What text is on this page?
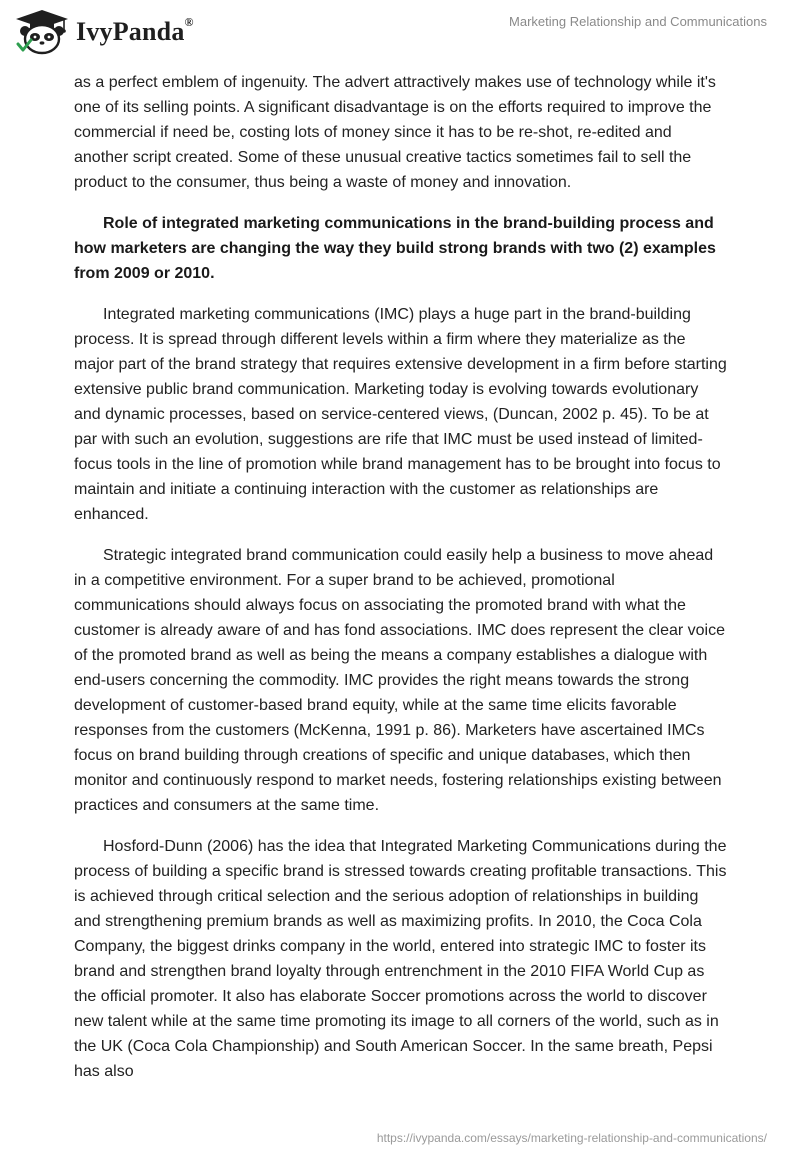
IvyPanda®	Marketing Relationship and Communications

as a perfect emblem of ingenuity. The advert attractively makes use of technology while it's one of its selling points. A significant disadvantage is on the efforts required to improve the commercial if need be, costing lots of money since it has to be re-shot, re-edited and another script created. Some of these unusual creative tactics sometimes fail to sell the product to the consumer, thus being a waste of money and innovation.

Role of integrated marketing communications in the brand-building process and how marketers are changing the way they build strong brands with two (2) examples from 2009 or 2010.

Integrated marketing communications (IMC) plays a huge part in the brand-building process. It is spread through different levels within a firm where they materialize as the major part of the brand strategy that requires extensive development in a firm before starting extensive public brand communication. Marketing today is evolving towards evolutionary and dynamic processes, based on service-centered views, (Duncan, 2002 p. 45). To be at par with such an evolution, suggestions are rife that IMC must be used instead of limited-focus tools in the line of promotion while brand management has to be brought into focus to maintain and initiate a continuing interaction with the customer as relationships are enhanced.

Strategic integrated brand communication could easily help a business to move ahead in a competitive environment. For a super brand to be achieved, promotional communications should always focus on associating the promoted brand with what the customer is already aware of and has fond associations. IMC does represent the clear voice of the promoted brand as well as being the means a company establishes a dialogue with end-users concerning the commodity. IMC provides the right means towards the strong development of customer-based brand equity, while at the same time elicits favorable responses from the customers (McKenna, 1991 p. 86). Marketers have ascertained IMCs focus on brand building through creations of specific and unique databases, which then monitor and continuously respond to market needs, fostering relationships existing between practices and consumers at the same time.

Hosford-Dunn (2006) has the idea that Integrated Marketing Communications during the process of building a specific brand is stressed towards creating profitable transactions. This is achieved through critical selection and the serious adoption of relationships in building and strengthening premium brands as well as maximizing profits. In 2010, the Coca Cola Company, the biggest drinks company in the world, entered into strategic IMC to foster its brand and strengthen brand loyalty through entrenchment in the 2010 FIFA World Cup as the official promoter. It also has elaborate Soccer promotions across the world to discover new talent while at the same time promoting its image to all corners of the world, such as in the UK (Coca Cola Championship) and South American Soccer. In the same breath, Pepsi has also

https://ivypanda.com/essays/marketing-relationship-and-communications/
